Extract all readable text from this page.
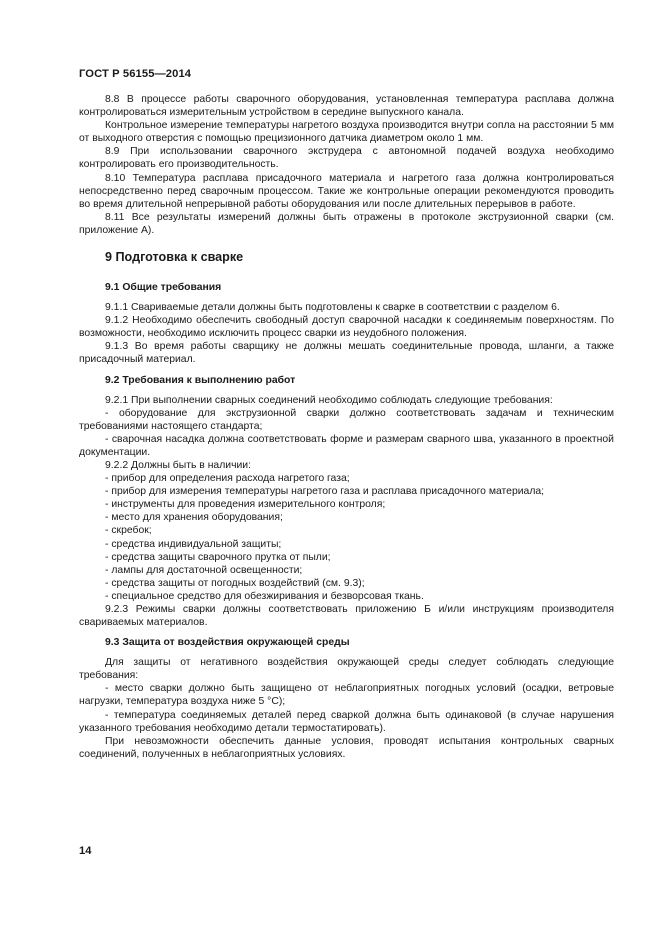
ГОСТ Р 56155—2014

8.8 В процессе работы сварочного оборудования, установленная температура расплава должна контролироваться измерительным устройством в середине выпускного канала.

Контрольное измерение температуры нагретого воздуха производится внутри сопла на расстоянии 5 мм от выходного отверстия с помощью прецизионного датчика диаметром около 1 мм.

8.9 При использовании сварочного экструдера с автономной подачей воздуха необходимо контролировать его производительность.

8.10 Температура расплава присадочного материала и нагретого газа должна контролироваться непосредственно перед сварочным процессом. Такие же контрольные операции рекомендуются проводить во время длительной непрерывной работы оборудования или после длительных перерывов в работе.

8.11 Все результаты измерений должны быть отражены в протоколе экструзионной сварки (см. приложение А).

9 Подготовка к сварке
9.1 Общие требования

9.1.1 Свариваемые детали должны быть подготовлены к сварке в соответствии с разделом 6.

9.1.2 Необходимо обеспечить свободный доступ сварочной насадки к соединяемым поверхностям. По возможности, необходимо исключить процесс сварки из неудобного положения.

9.1.3 Во время работы сварщику не должны мешать соединительные провода, шланги, а также присадочный материал.

9.2 Требования к выполнению работ

9.2.1 При выполнении сварных соединений необходимо соблюдать следующие требования:

- оборудование для экструзионной сварки должно соответствовать задачам и техническим требованиями настоящего стандарта;

- сварочная насадка должна соответствовать форме и размерам сварного шва, указанного в проектной документации.

9.2.2 Должны быть в наличии:

- прибор для определения расхода нагретого газа;

- прибор для измерения температуры нагретого газа и расплава присадочного материала;

- инструменты для проведения измерительного контроля;

- место для хранения оборудования;

- скребок;

- средства индивидуальной защиты;

- средства защиты сварочного прутка от пыли;

- лампы для достаточной освещенности;

- средства защиты от погодных воздействий (см. 9.3);

- специальное средство для обезжиривания и безворсовая ткань.

9.2.3 Режимы сварки должны соответствовать приложению Б и/или инструкциям производителя свариваемых материалов.

9.3 Защита от воздействия окружающей среды

Для защиты от негативного воздействия окружающей среды следует соблюдать следующие требования:

- место сварки должно быть защищено от неблагоприятных погодных условий (осадки, ветровые нагрузки, температура воздуха ниже 5 °С);

- температура соединяемых деталей перед сваркой должна быть одинаковой (в случае нарушения указанного требования необходимо детали термостатировать).

При невозможности обеспечить данные условия, проводят испытания контрольных сварных соединений, полученных в неблагоприятных условиях.

14
